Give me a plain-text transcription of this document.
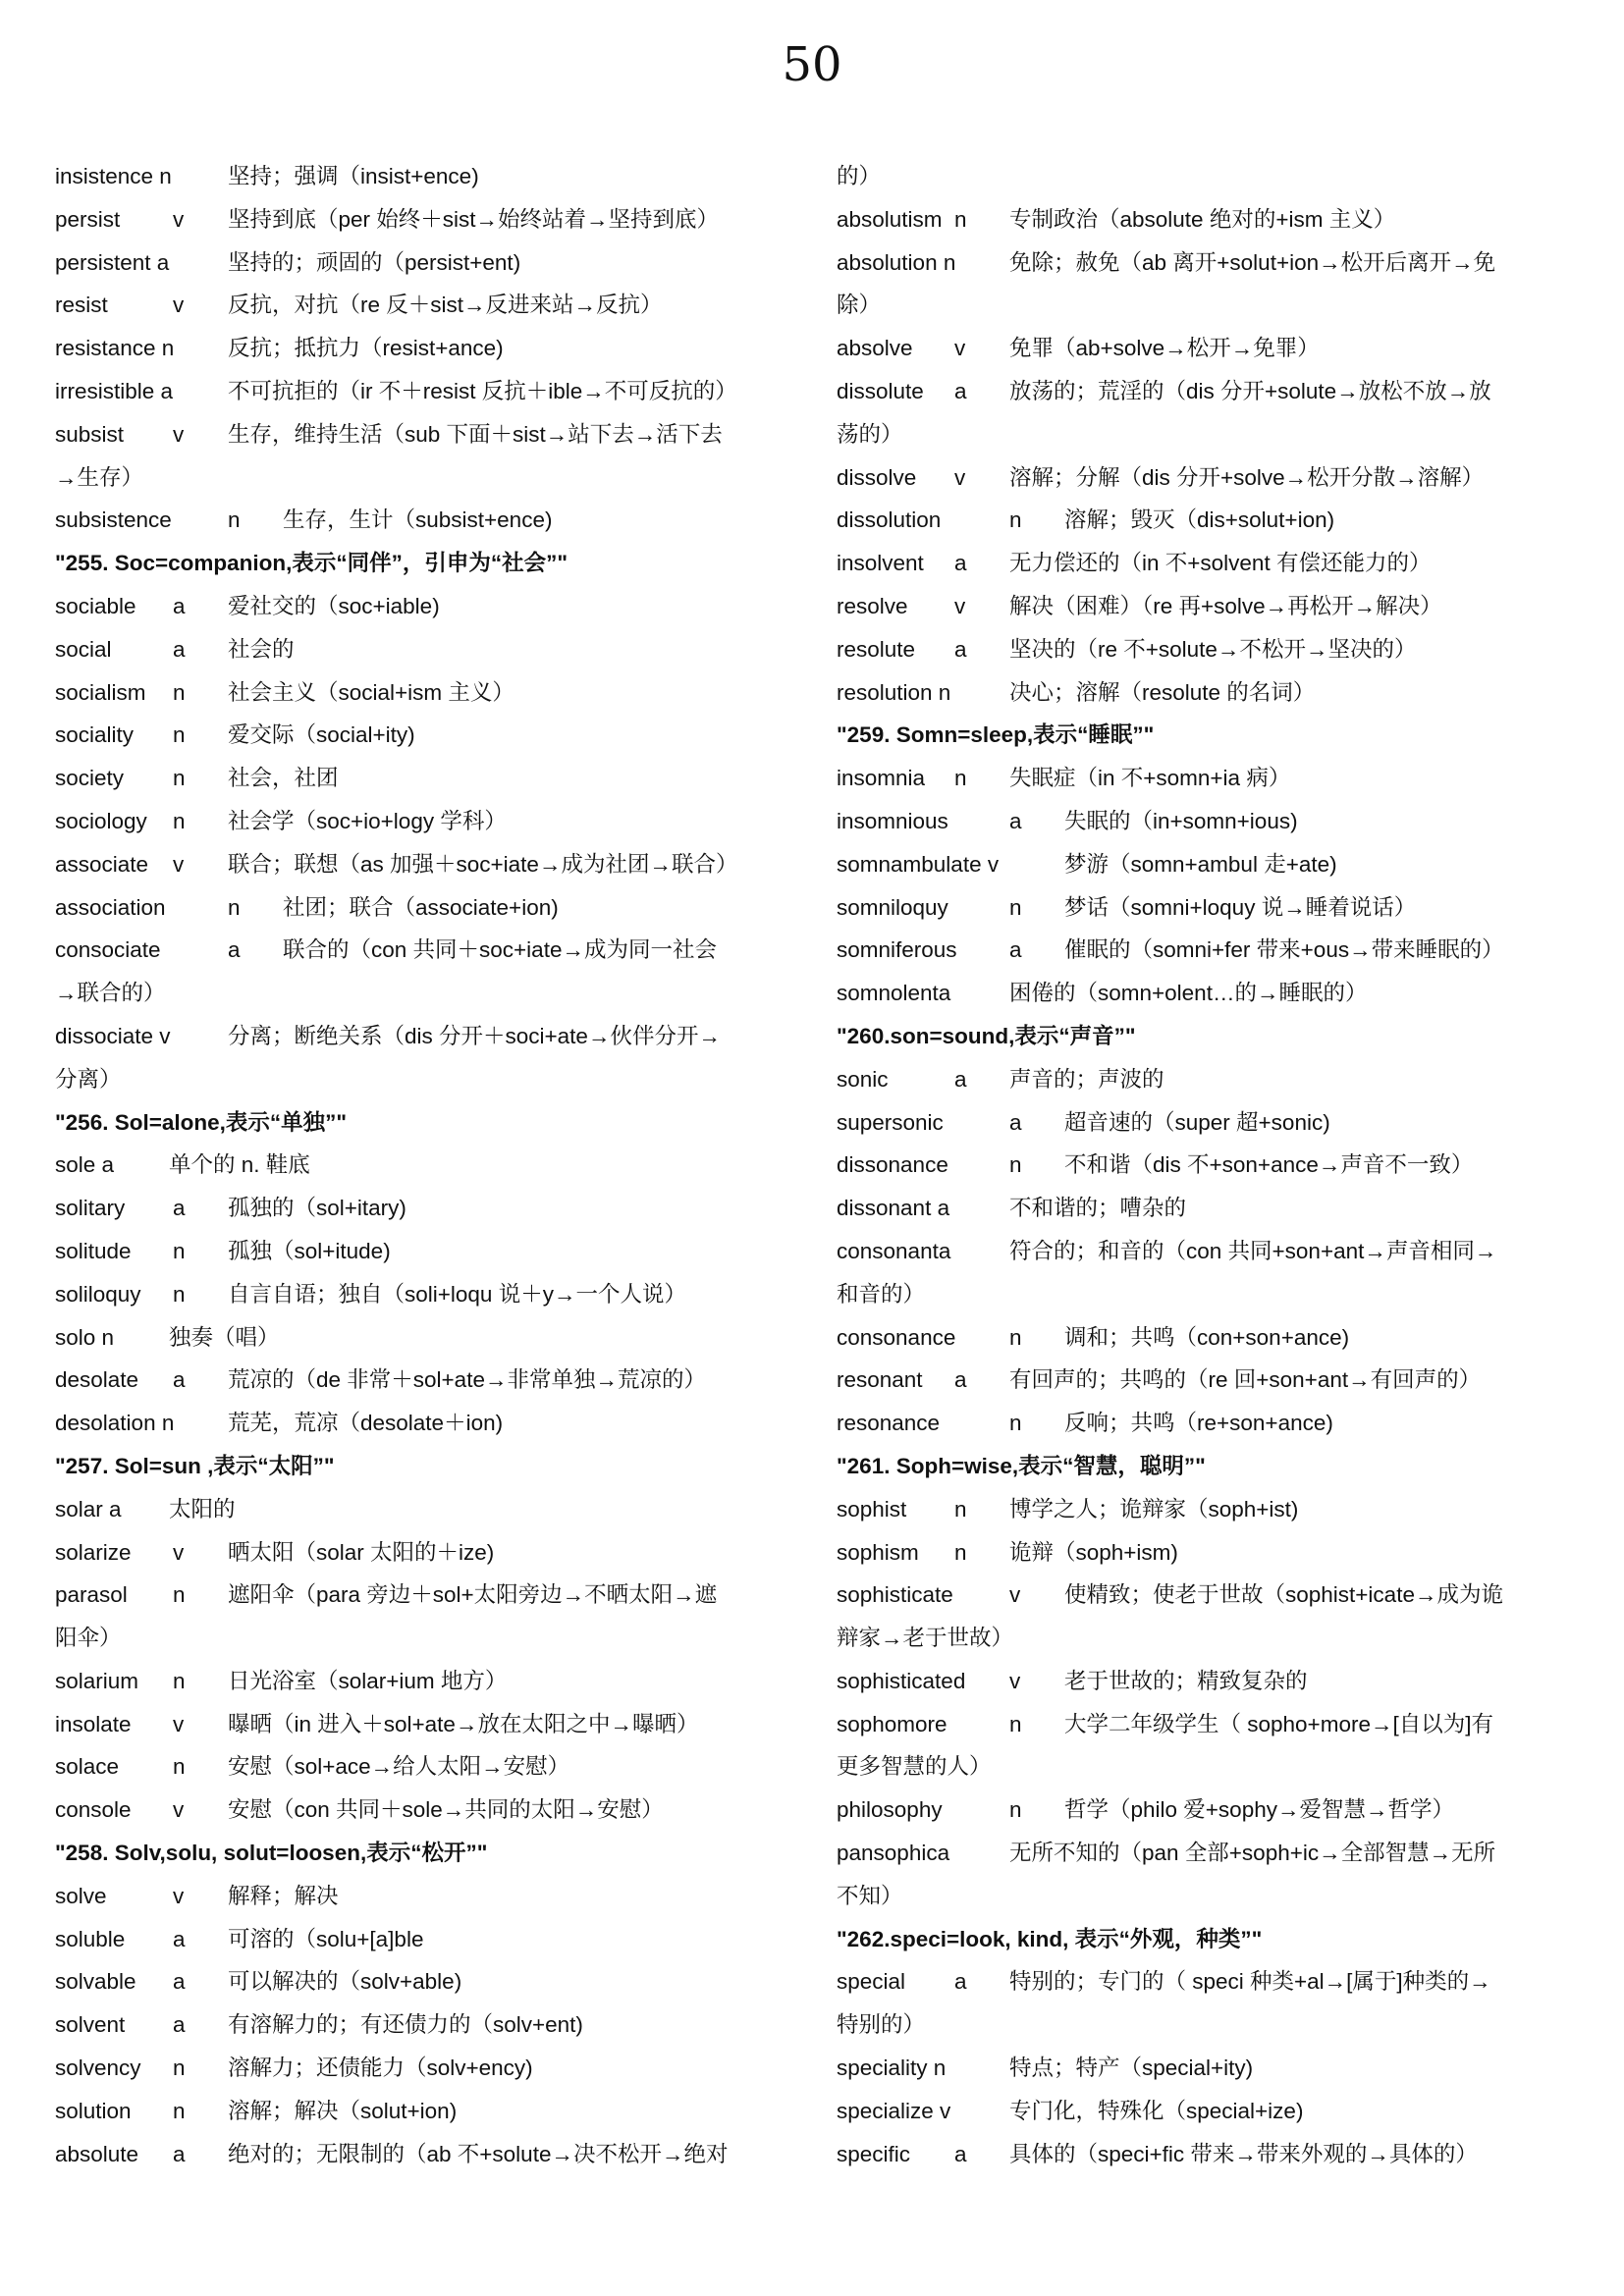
50
insistence n	坚持；强调（insist+ence)
persist v 坚持到底（per 始终＋sist→始终站着→坚持到底）
persistent a	坚持的；顽固的（persist+ent)
resist	v 反抗，对抗（re 反＋sist→反进来站→反抗）
resistance n 反抗；抵抗力（resist+ance)
irresistible a 不可抗拒的（ir 不＋resist 反抗＋ible→不可反抗的）
subsist v 生存，维持生活（sub 下面＋sist→站下去→活下去
→生存）
subsistence	n 生存，生计（subsist+ence)
"255. Soc=companion,表示“同伴”，引申为“社会”"
sociable a 爱社交的（soc+iable)
social	a 社会的
socialism n 社会主义（social+ism 主义）
sociality n 爱交际（social+ity)
society n 社会，社团
sociology n 社会学（soc+io+logy 学科）
associate v 联合；联想（as 加强＋soc+iate→成为社团→联合）
association	n 社团；联合（associate+ion)
consociate	a 联合的（con 共同＋soc+iate→成为同一社会
→联合的）
dissociate v	分离；断绝关系（dis 分开＋soci+ate→伙伴分开→
分离）
"256. Sol=alone,表示“单独”"
sole a 单个的 n. 鞋底
solitary a 孤独的（sol+itary)
solitude n 孤独（sol+itude)
soliloquy n 自言自语；独自（soli+loqu 说＋y→一个人说）
solo n 独奏（唱）
desolate a 荒凉的（de 非常＋sol+ate→非常单独→荒凉的）
desolation n 荒芜，荒凉（desolate＋ion)
"257. Sol=sun ,表示“太阳”"
solar a 太阳的
solarize v 晒太阳（solar 太阳的＋ize)
parasol n 遮阳伞（para 旁边＋sol+太阳旁边→不晒太阳→遮
阳伞）
solarium n 日光浴室（solar+ium 地方）
insolate v 曝晒（in 进入＋sol+ate→放在太阳之中→曝晒）
solace n 安慰（sol+ace→给人太阳→安慰）
console v 安慰（con 共同＋sole→共同的太阳→安慰）
"258. Solv,solu, solut=loosen,表示“松开”"
solve	v 解释；解决
soluble a 可溶的（solu+[a]ble
solvable a 可以解决的（solv+able)
solvent a 有溶解力的；有还债力的（solv+ent)
solvency n 溶解力；还债能力（solv+ency)
solution n 溶解；解决（solut+ion)
absolute a 绝对的；无限制的（ab 不+solute→决不松开→绝对
的）
absolutism n 专制政治（absolute 绝对的+ism 主义）
absolution n 免除；赦免（ab 离开+solut+ion→松开后离开→免
除）
absolve v 免罪（ab+solve→松开→免罪）
dissolute a 放荡的；荒淫的（dis 分开+solute→放松不放→放
荡的）
dissolve v 溶解；分解（dis 分开+solve→松开分散→溶解）
dissolution	n 溶解；毁灭（dis+solut+ion)
insolvent a 无力偿还的（in 不+solvent 有偿还能力的）
resolve v 解决（困难）（re 再+solve→再松开→解决）
resolute a 坚决的（re 不+solute→不松开→坚决的）
resolution n	决心；溶解（resolute 的名词）
"259. Somn=sleep,表示“睡眠”"
insomnia n 失眠症（in 不+somn+ia 病）
insomnious	a 失眠的（in+somn+ious)
somnambulate v	梦游（somn+ambul 走+ate)
somniloquy	n 梦话（somni+loquy 说→睡着说话）
somniferous a 催眠的（somni+fer 带来+ous→带来睡眠的）
somnolenta	困倦的（somn+olent…的→睡眠的）
"260.son=sound,表示“声音”"
sonic	a 声音的；声波的
supersonic	a 超音速的（super 超+sonic)
dissonance	n 不和谐（dis 不+son+ance→声音不一致）
dissonant a	不和谐的；嘈杂的
consonanta	符合的；和音的（con 共同+son+ant→声音相同→
和音的）
consonance n 调和；共鸣（con+son+ance)
resonant a 有回声的；共鸣的（re 回+son+ant→有回声的）
resonance	n 反响；共鸣（re+son+ance)
"261. Soph=wise,表示“智慧，聪明”"
sophist n 博学之人；诡辩家（soph+ist)
sophism n 诡辩（soph+ism)
sophisticate	v 使精致；使老于世故（sophist+icate→成为诡
辩家→老于世故）
sophisticated v 老于世故的；精致复杂的
sophomore	n 大学二年级学生（ sopho+more→[自以为]有
更多智慧的人）
philosophy	n 哲学（philo 爱+sophy→爱智慧→哲学）
pansophica	无所不知的（pan 全部+soph+ic→全部智慧→无所
不知）
"262.speci=look, kind, 表示“外观，种类”"
special a 特别的；专门的（ speci 种类+al→[属于]种类的→
特别的）
speciality n	特点；特产（special+ity)
specialize v	专门化，特殊化（special+ize)
specific a 具体的（speci+fic 带来→带来外观的→具体的）
